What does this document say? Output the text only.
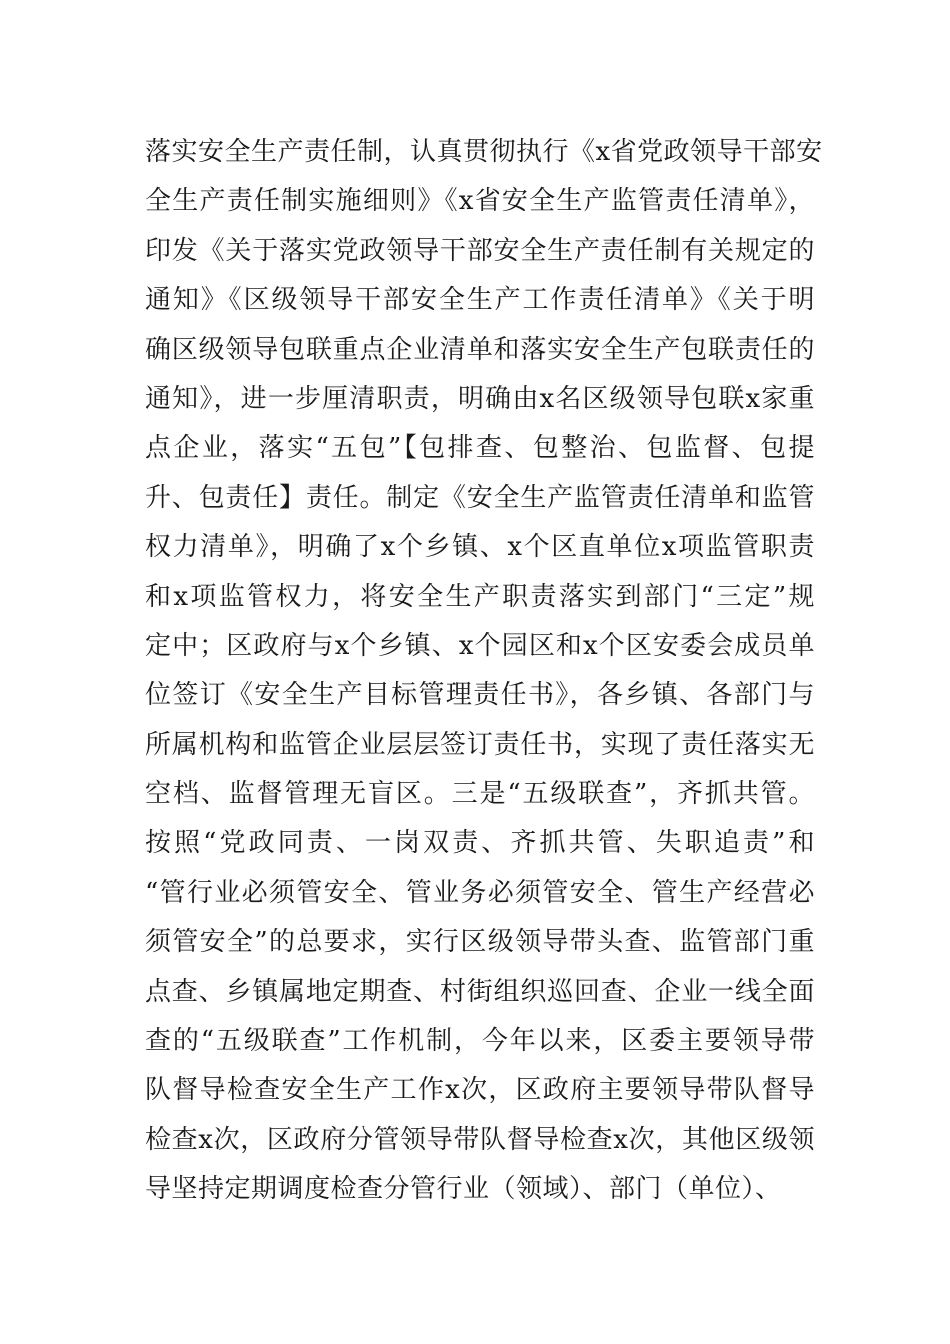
落实安全生产责任制，认真贯彻执行《x省党政领导干部安
全生产责任制实施细则》《x省安全生产监管责任清单》，
印发《关于落实党政领导干部安全生产责任制有关规定的
通知》《区级领导干部安全生产工作责任清单》《关于明
确区级领导包联重点企业清单和落实安全生产包联责任的
通知》，进一步厘清职责，明确由x名区级领导包联x家重
点企业，落实“五包”【包排查、包整治、包监督、包提
升、包责任】责任。制定《安全生产监管责任清单和监管
权力清单》，明确了x个乡镇、x个区直单位x项监管职责
和x项监管权力，将安全生产职责落实到部门“三定”规
定中；区政府与x个乡镇、x个园区和x个区安委会成员单
位签订《安全生产目标管理责任书》，各乡镇、各部门与
所属机构和监管企业层层签订责任书，实现了责任落实无
空档、监督管理无盲区。三是“五级联查”，齐抓共管。
按照“党政同责、一岗双责、齐抓共管、失职追责”和
“管行业必须管安全、管业务必须管安全、管生产经营必
须管安全”的总要求，实行区级领导带头查、监管部门重
点查、乡镇属地定期查、村街组织巡回查、企业一线全面
查的“五级联查”工作机制，今年以来，区委主要领导带
队督导检查安全生产工作x次，区政府主要领导带队督导
检查x次，区政府分管领导带队督导检查x次，其他区级领
导坚持定期调度检查分管行业（领域）、部门（单位）、
